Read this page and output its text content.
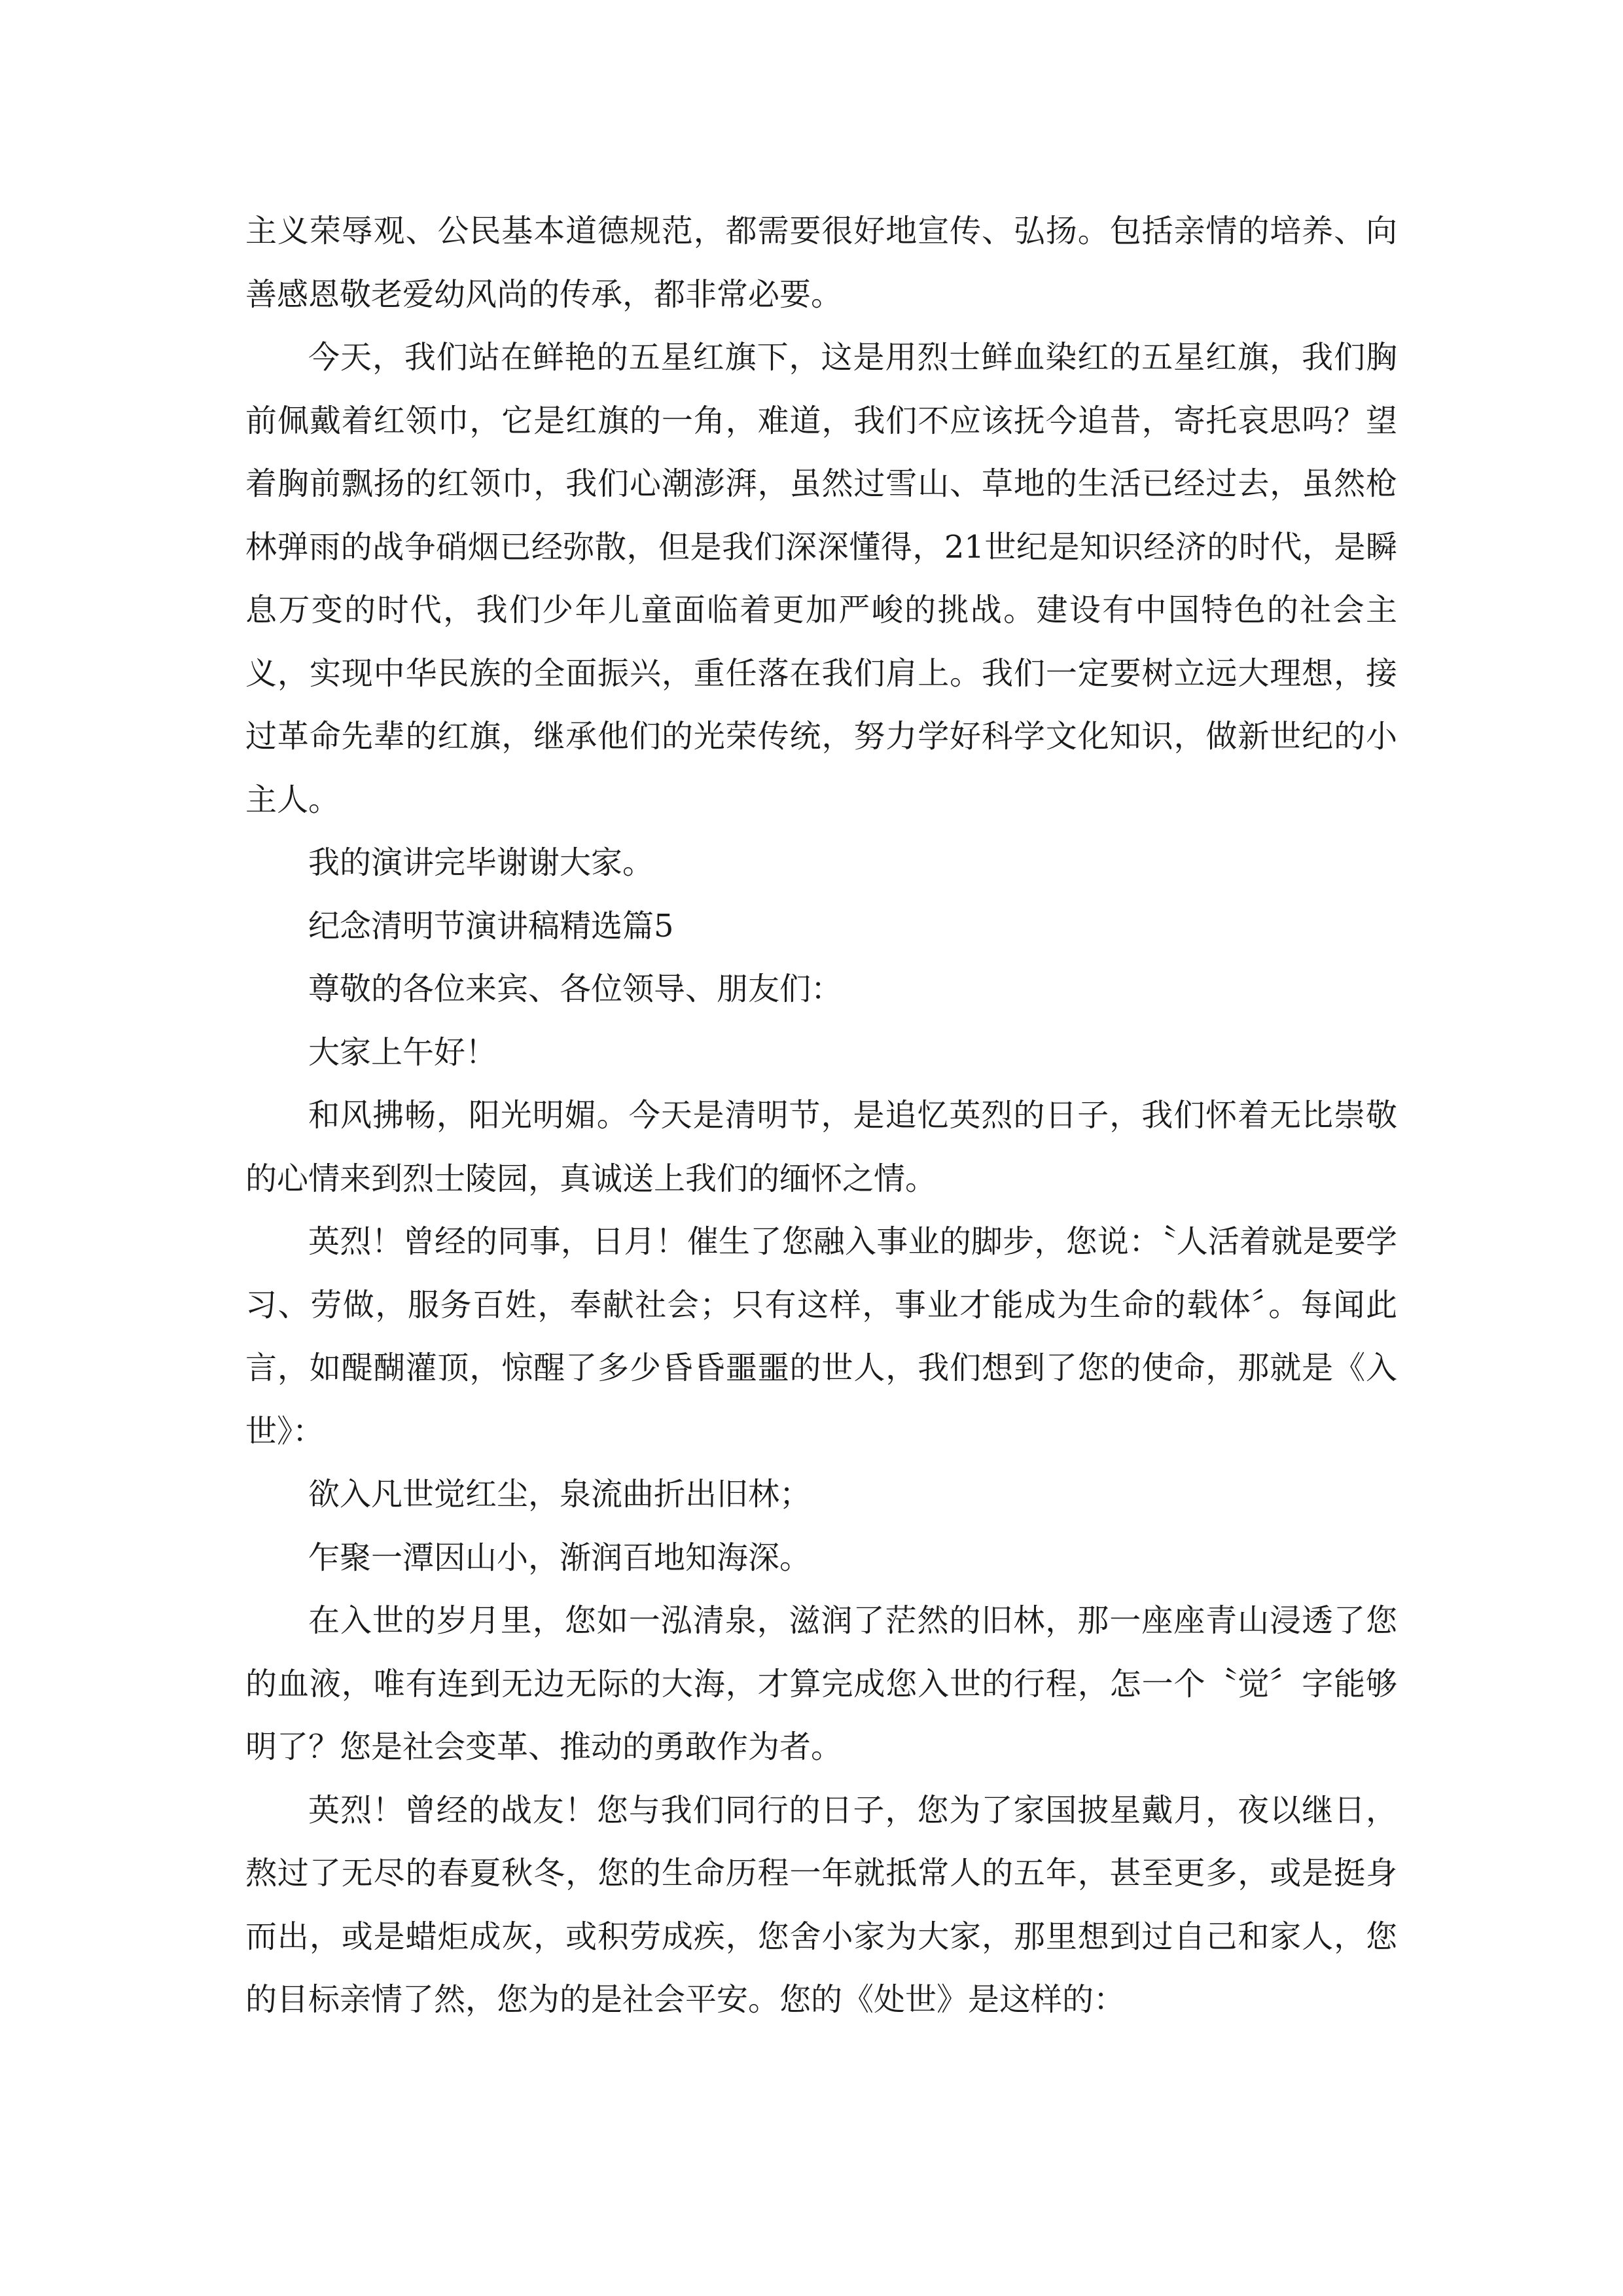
主义荣辱观、公民基本道德规范，都需要很好地宣传、弘扬。包括亲情的培养、向善感恩敬老爱幼风尚的传承，都非常必要。

今天，我们站在鲜艳的五星红旗下，这是用烈士鲜血染红的五星红旗，我们胸前佩戴着红领巾，它是红旗的一角，难道，我们不应该抚今追昔，寄托哀思吗？望着胸前飘扬的红领巾，我们心潮澎湃，虽然过雪山、草地的生活已经过去，虽然枪林弹雨的战争硝烟已经弥散，但是我们深深懂得，21世纪是知识经济的时代，是瞬息万变的时代，我们少年儿童面临着更加严峻的挑战。建设有中国特色的社会主义，实现中华民族的全面振兴，重任落在我们肩上。我们一定要树立远大理想，接过革命先辈的红旗，继承他们的光荣传统，努力学好科学文化知识，做新世纪的小主人。

我的演讲完毕谢谢大家。

纪念清明节演讲稿精选篇5

尊敬的各位来宾、各位领导、朋友们：

大家上午好！

和风拂畅，阳光明媚。今天是清明节，是追忆英烈的日子，我们怀着无比崇敬的心情来到烈士陵园，真诚送上我们的缅怀之情。

英烈！曾经的同事，日月！催生了您融入事业的脚步，您说：〝人活着就是要学习、劳做，服务百姓，奉献社会；只有这样，事业才能成为生命的载体〞。每闻此言，如醍醐灌顶，惊醒了多少昏昏噩噩的世人，我们想到了您的使命，那就是《入世》：

欲入凡世觉红尘，泉流曲折出旧林；

乍聚一潭因山小，渐润百地知海深。

在入世的岁月里，您如一泓清泉，滋润了茫然的旧林，那一座座青山浸透了您的血液，唯有连到无边无际的大海，才算完成您入世的行程，怎一个〝觉〞字能够明了？您是社会变革、推动的勇敢作为者。

英烈！曾经的战友！您与我们同行的日子，您为了家国披星戴月，夜以继日，熬过了无尽的春夏秋冬，您的生命历程一年就抵常人的五年，甚至更多，或是挺身而出，或是蜡炬成灰，或积劳成疾，您舍小家为大家，那里想到过自己和家人，您的目标亲情了然，您为的是社会平安。您的《处世》是这样的：
